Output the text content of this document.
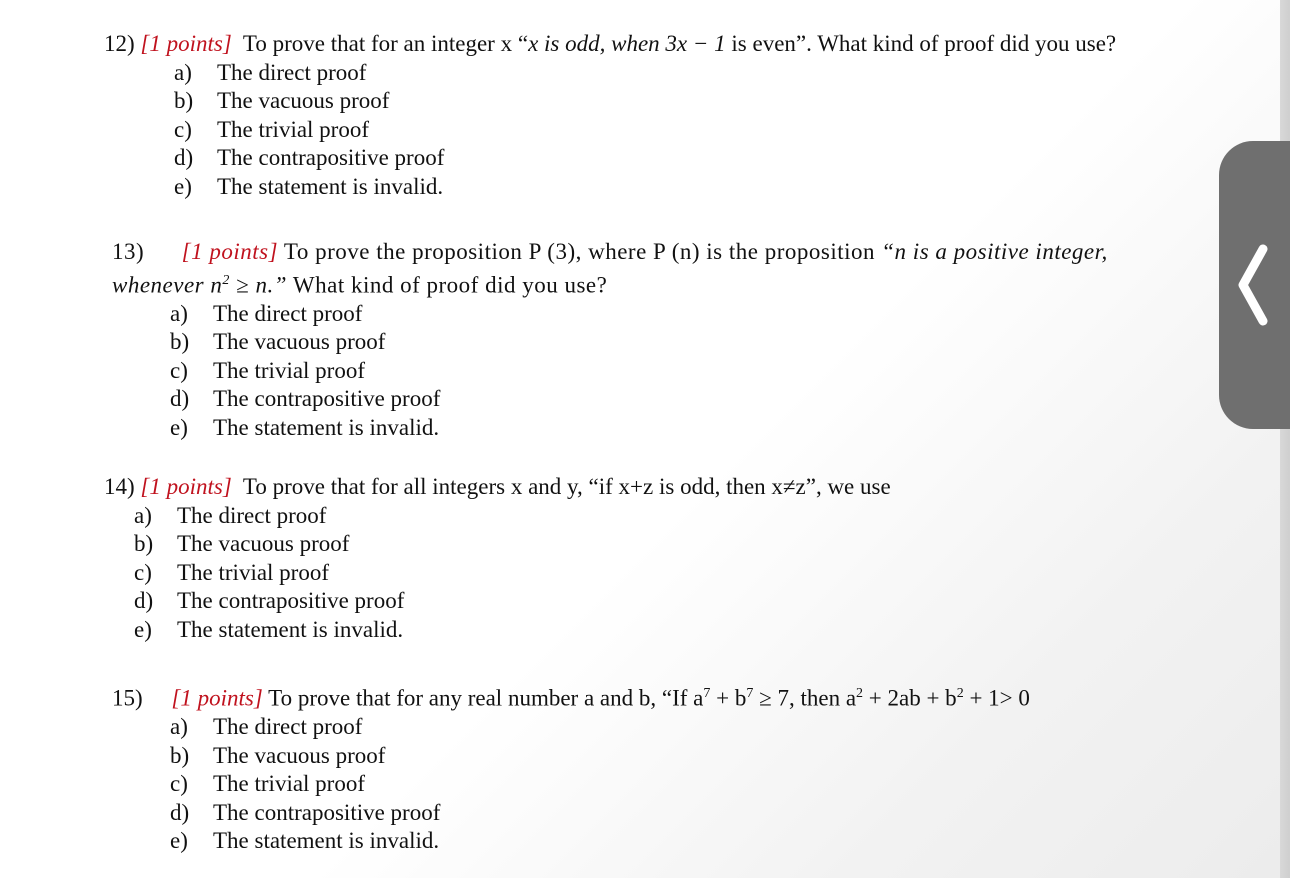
12) [1 points] To prove that for an integer x “x is odd, when 3x − 1 is even”. What kind of proof did you use?
a) The direct proof
b) The vacuous proof
c) The trivial proof
d) The contrapositive proof
e) The statement is invalid.
13) [1 points] To prove the proposition P (3), where P (n) is the proposition “n is a positive integer,
whenever $n^2 \ge n$.” What kind of proof did you use?
a) The direct proof
b) The vacuous proof
c) The trivial proof
d) The contrapositive proof
e) The statement is invalid.
14) [1 points] To prove that for all integers x and y, “if x+z is odd, then x≠z”, we use
a) The direct proof
b) The vacuous proof
c) The trivial proof
d) The contrapositive proof
e) The statement is invalid.
15) [1 points] To prove that for any real number a and b, “If $a^7 + b^7 \ge 7$, then $a^2 + 2ab + b^2 + 1> 0$
a) The direct proof
b) The vacuous proof
c) The trivial proof
d) The contrapositive proof
e) The statement is invalid.
